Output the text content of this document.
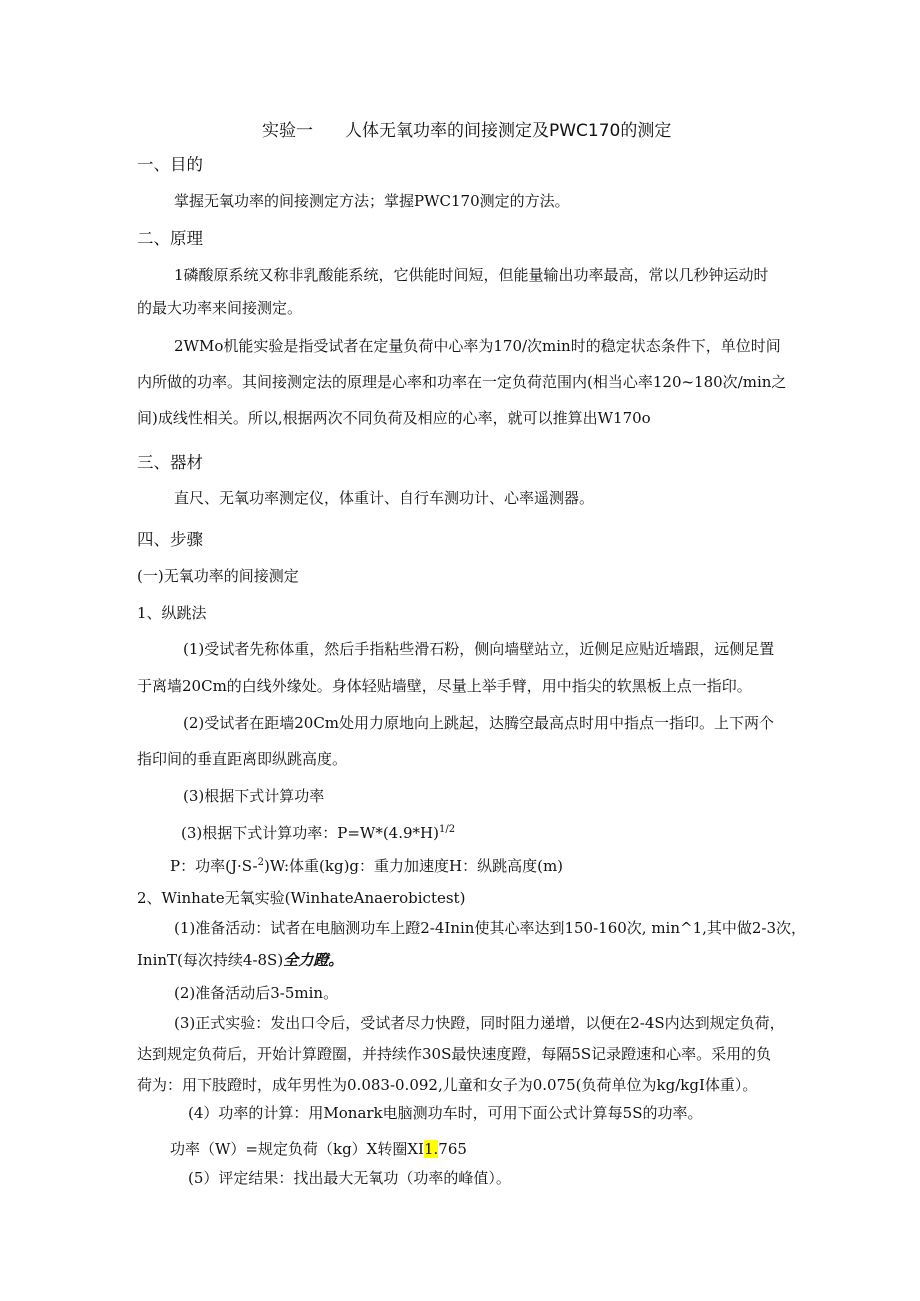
实验一 人体无氧功率的间接测定及PWC170的测定
一、目的
掌握无氧功率的间接测定方法；掌握PWC170测定的方法。
二、原理
1磷酸原系统又称非乳酸能系统，它供能时间短，但能量输出功率最高，常以几秒钟运动时
的最大功率来间接测定。
2WMo机能实验是指受试者在定量负荷中心率为170/次min时的稳定状态条件下，单位时间
内所做的功率。其间接测定法的原理是心率和功率在一定负荷范围内(相当心率120~180次∕min之
间)成线性相关。所以,根据两次不同负荷及相应的心率，就可以推算出W170o
三、器材
直尺、无氧功率测定仪，体重计、自行车测功计、心率遥测器。
四、步骤
(一)无氧功率的间接测定
1、纵跳法
(1)受试者先称体重，然后手指粘些滑石粉，侧向墙壁站立，近侧足应贴近墙跟，远侧足置
于离墙20Cm的白线外缘处。身体轻贴墙壁，尽量上举手臂，用中指尖的软黑板上点一指印。
(2)受试者在距墙20Cm处用力原地向上跳起，达腾空最高点时用中指点一指印。上下两个
指印间的垂直距离即纵跳高度。
(3)根据下式计算功率
(3)根据下式计算功率：$P=W*(4.9*H)^{1/2}$
P：功率(J·S-$^2$)W:体重(kg)g：重力加速度H：纵跳高度(m)
2、Winhate无氧实验(WinhateAnaerobictest)
(1)准备活动：试者在电脑测功车上蹬2-4Inin使其心率达到150-160次, min^1,其中做2-3次，
IninT(每次持续4-8S)全力蹬。
(2)准备活动后3-5min。
(3)正式实验：发出口令后，受试者尽力快蹬，同时阻力递增，以便在2-4S内达到规定负荷，
达到规定负荷后，开始计算蹬圈，并持续作30S最快速度蹬，每隔5S记录蹬速和心率。采用的负
荷为：用下肢蹬时，成年男性为0.083-0.092,儿童和女子为0.075(负荷单位为kg/kgI体重）。
(4）功率的计算：用Monark电脑测功车时，可用下面公式计算每5S的功率。
功率（W）=规定负荷（kg）X转圈XI1.765
(5）评定结果：找出最大无氧功（功率的峰值）。
